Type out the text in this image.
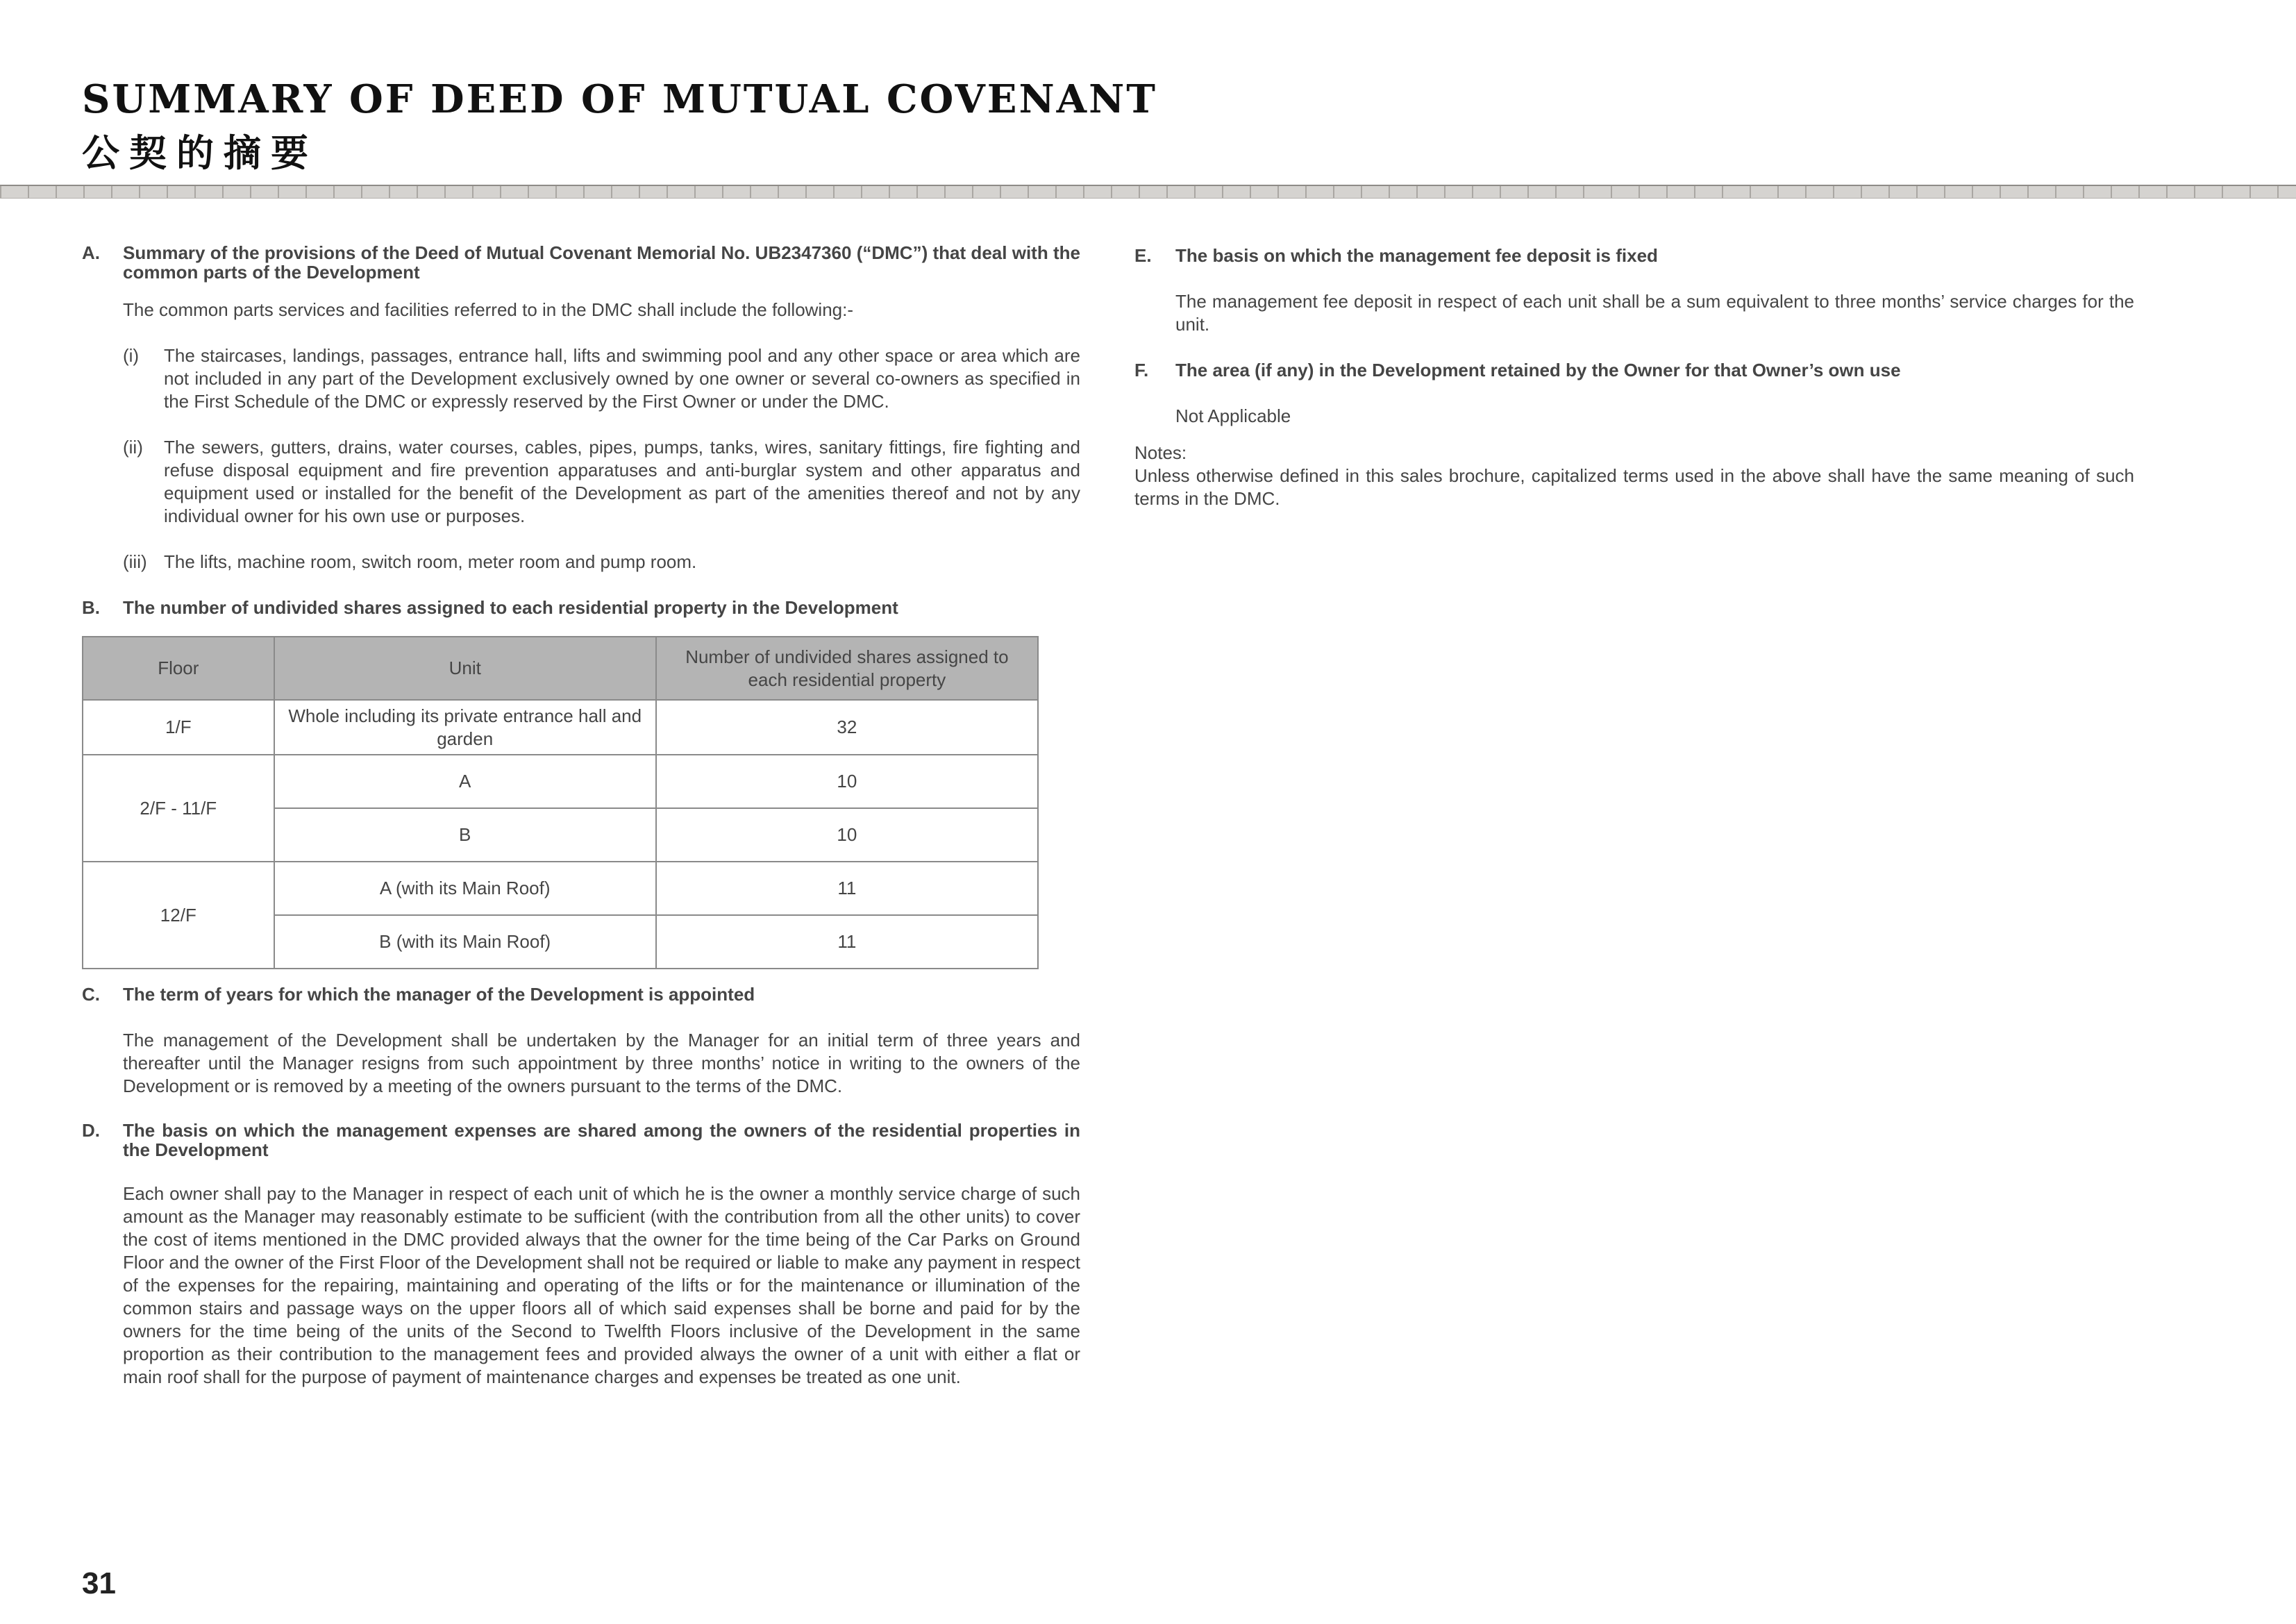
SUMMARY OF DEED OF MUTUAL COVENANT
公契的摘要
A. Summary of the provisions of the Deed of Mutual Covenant Memorial No. UB2347360 (“DMC”) that deal with the common parts of the Development
The common parts services and facilities referred to in the DMC shall include the following:-
(i) The staircases, landings, passages, entrance hall, lifts and swimming pool and any other space or area which are not included in any part of the Development exclusively owned by one owner or several co-owners as specified in the First Schedule of the DMC or expressly reserved by the First Owner or under the DMC.
(ii) The sewers, gutters, drains, water courses, cables, pipes, pumps, tanks, wires, sanitary fittings, fire fighting and refuse disposal equipment and fire prevention apparatuses and anti-burglar system and other apparatus and equipment used or installed for the benefit of the Development as part of the amenities thereof and not by any individual owner for his own use or purposes.
(iii) The lifts, machine room, switch room, meter room and pump room.
B. The number of undivided shares assigned to each residential property in the Development
Floor	Unit	Number of undivided shares assigned to each residential property
1/F	Whole including its private entrance hall and garden	32
2/F - 11/F	A	10
	B	10
12/F	A (with its Main Roof)	11
	B (with its Main Roof)	11
C. The term of years for which the manager of the Development is appointed
The management of the Development shall be undertaken by the Manager for an initial term of three years and thereafter until the Manager resigns from such appointment by three months’ notice in writing to the owners of the Development or is removed by a meeting of the owners pursuant to the terms of the DMC.
D. The basis on which the management expenses are shared among the owners of the residential properties in the Development
Each owner shall pay to the Manager in respect of each unit of which he is the owner a monthly service charge of such amount as the Manager may reasonably estimate to be sufficient (with the contribution from all the other units) to cover the cost of items mentioned in the DMC provided always that the owner for the time being of the Car Parks on Ground Floor and the owner of the First Floor of the Development shall not be required or liable to make any payment in respect of the expenses for the repairing, maintaining and operating of the lifts or for the maintenance or illumination of the common stairs and passage ways on the upper floors all of which said expenses shall be borne and paid for by the owners for the time being of the units of the Second to Twelfth Floors inclusive of the Development in the same proportion as their contribution to the management fees and provided always the owner of a unit with either a flat or main roof shall for the purpose of payment of maintenance charges and expenses be treated as one unit.
E. The basis on which the management fee deposit is fixed
The management fee deposit in respect of each unit shall be a sum equivalent to three months’ service charges for the unit.
F. The area (if any) in the Development retained by the Owner for that Owner’s own use
Not Applicable
Notes:
Unless otherwise defined in this sales brochure, capitalized terms used in the above shall have the same meaning of such terms in the DMC.
31
